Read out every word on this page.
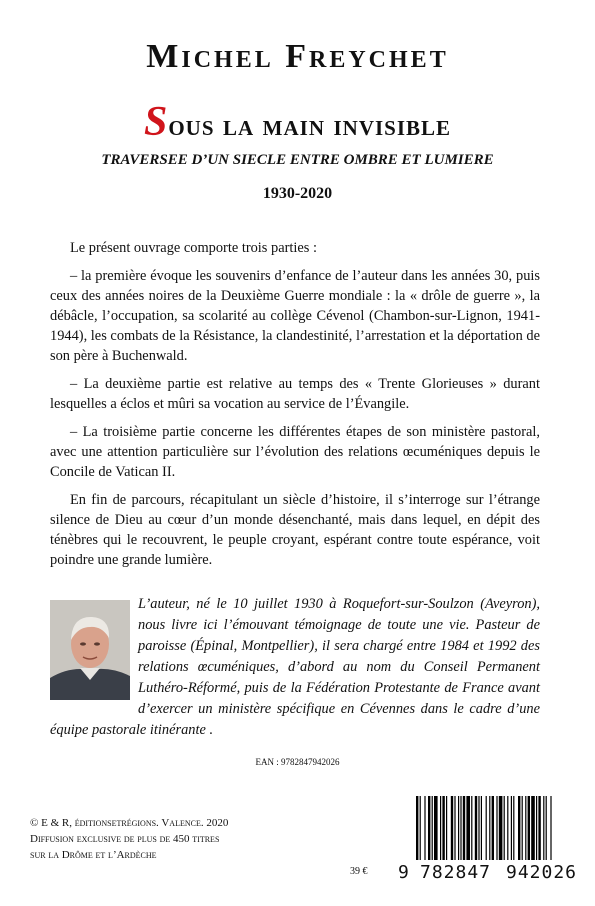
Michel Freychet
Sous la main invisible
TRAVERSEE D’UN SIECLE ENTRE OMBRE ET LUMIERE
1930-2020

Le présent ouvrage comporte trois parties :

– la première évoque les souvenirs d’enfance de l’auteur dans les années 30, puis ceux des années noires de la Deuxième Guerre mondiale : la « drôle de guerre », la débâcle, l’occupation, sa scolarité au collège Cévenol (Chambon-sur-Lignon, 1941-1944), les combats de la Résistance, la clandestinité, l’arrestation et la déportation de son père à Buchenwald.

– La deuxième partie est relative au temps des « Trente Glorieuses » durant lesquelles a éclos et mûri sa vocation au service de l’Évangile.

– La troisième partie concerne les différentes étapes de son ministère pastoral, avec une attention particulière sur l’évolution des relations œcuméniques depuis le Concile de Vatican II.

En fin de parcours, récapitulant un siècle d’histoire, il s’interroge sur l’étrange silence de Dieu au cœur d’un monde désenchanté, mais dans lequel, en dépit des ténèbres qui le recouvrent, le peuple croyant, espérant contre toute espérance, voit poindre une grande lumière.

L’auteur, né le 10 juillet 1930 à Roquefort-sur-Soulzon (Aveyron), nous livre ici l’émouvant témoignage de toute une vie. Pasteur de paroisse (Épinal, Montpellier), il sera chargé entre 1984 et 1992 des relations œcuméniques, d’abord au nom du Conseil Permanent Luthéro-Réformé, puis de la Fédération Protestante de France avant d’exercer un ministère spécifique en Cévennes dans le cadre d’une équipe pastorale itinérante .
EAN : 9782847942026
© E & R, éditionsetrégions. Valence. 2020
Diffusion exclusive de plus de 450 titres
sur la Drôme et l’Ardèche
39 € 9 782847 942026
